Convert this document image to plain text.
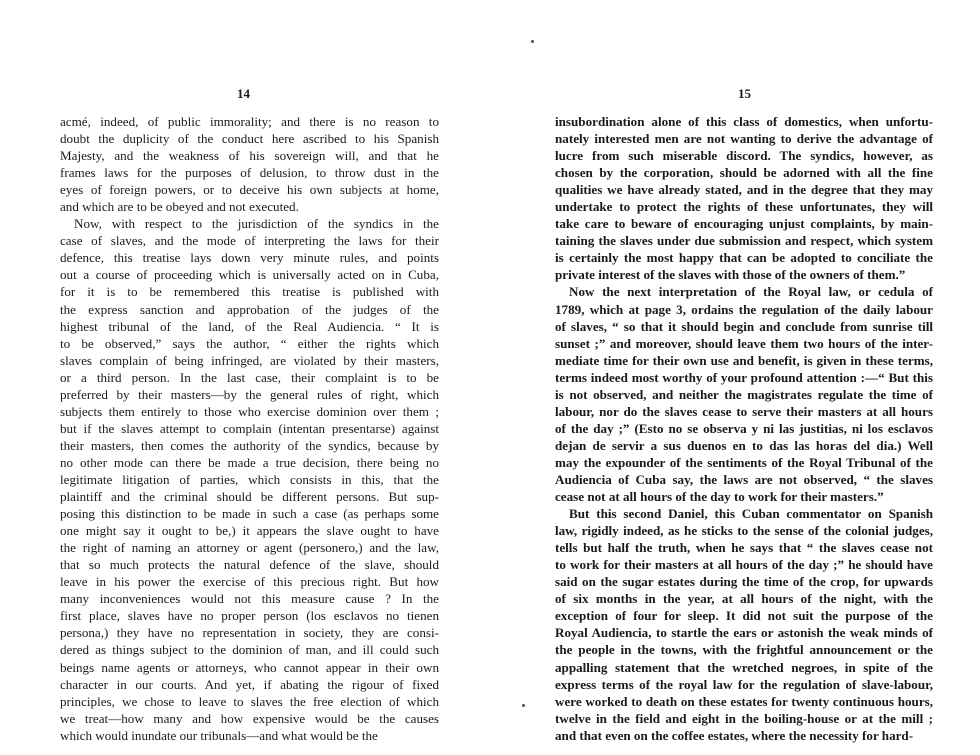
14
acmé, indeed, of public immorality; and there is no reason to
doubt the duplicity of the conduct here ascribed to his Spanish
Majesty, and the weakness of his sovereign will, and that he
frames laws for the purposes of delusion, to throw dust in the
eyes of foreign powers, or to deceive his own subjects at home,
and which are to be obeyed and not executed.
Now, with respect to the jurisdiction of the syndics in the
case of slaves, and the mode of interpreting the laws for their
defence, this treatise lays down very minute rules, and points
out a course of proceeding which is universally acted on in Cuba,
for it is to be remembered this treatise is published with
the express sanction and approbation of the judges of the
highest tribunal of the land, of the Real Audiencia. “ It is
to be observed,” says the author, “ either the rights which
slaves complain of being infringed, are violated by their masters,
or a third person. In the last case, their complaint is to be
preferred by their masters—by the general rules of right, which
subjects them entirely to those who exercise dominion over them ;
but if the slaves attempt to complain (intentan presentarse) against
their masters, then comes the authority of the syndics, because by
no other mode can there be made a true decision, there being no
legitimate litigation of parties, which consists in this, that the
plaintiff and the criminal should be different persons. But sup-
posing this distinction to be made in such a case (as perhaps some
one might say it ought to be,) it appears the slave ought to have
the right of naming an attorney or agent (personero,) and the law,
that so much protects the natural defence of the slave, should
leave in his power the exercise of this precious right. But how
many inconveniences would not this measure cause ? In the
first place, slaves have no proper person (los esclavos no tienen
persona,) they have no representation in society, they are consi-
dered as things subject to the dominion of man, and ill could such
beings name agents or attorneys, who cannot appear in their own
character in our courts. And yet, if abating the rigour of fixed
principles, we chose to leave to slaves the free election of which
we treat—how many and how expensive would be the causes
which would inundate our tribunals—and what would be the
15
insubordination alone of this class of domestics, when unfortu-
nately interested men are not wanting to derive the advantage of
lucre from such miserable discord. The syndics, however, as
chosen by the corporation, should be adorned with all the fine
qualities we have already stated, and in the degree that they may
undertake to protect the rights of these unfortunates, they will
take care to beware of encouraging unjust complaints, by main-
taining the slaves under due submission and respect, which system
is certainly the most happy that can be adopted to conciliate the
private interest of the slaves with those of the owners of them.”
Now the next interpretation of the Royal law, or cedula of
1789, which at page 3, ordains the regulation of the daily labour
of slaves, “ so that it should begin and conclude from sunrise till
sunset ;” and moreover, should leave them two hours of the inter-
mediate time for their own use and benefit, is given in these terms,
terms indeed most worthy of your profound attention :—“ But this
is not observed, and neither the magistrates regulate the time of
labour, nor do the slaves cease to serve their masters at all hours
of the day ;” (Esto no se observa y ni las justitias, ni los esclavos
dejan de servir a sus duenos en to das las horas del dia.) Well
may the expounder of the sentiments of the Royal Tribunal of the
Audiencia of Cuba say, the laws are not observed, “ the slaves
cease not at all hours of the day to work for their masters.”
But this second Daniel, this Cuban commentator on Spanish
law, rigidly indeed, as he sticks to the sense of the colonial judges,
tells but half the truth, when he says that “ the slaves cease not
to work for their masters at all hours of the day ;” he should have
said on the sugar estates during the time of the crop, for upwards
of six months in the year, at all hours of the night, with the
exception of four for sleep. It did not suit the purpose of the
Royal Audiencia, to startle the ears or astonish the weak minds of
the people in the towns, with the frightful announcement or the
appalling statement that the wretched negroes, in spite of the
express terms of the royal law for the regulation of slave-labour,
were worked to death on these estates for twenty continuous hours,
twelve in the field and eight in the boiling-house or at the mill ;
and that even on the coffee estates, where the necessity for hard-
